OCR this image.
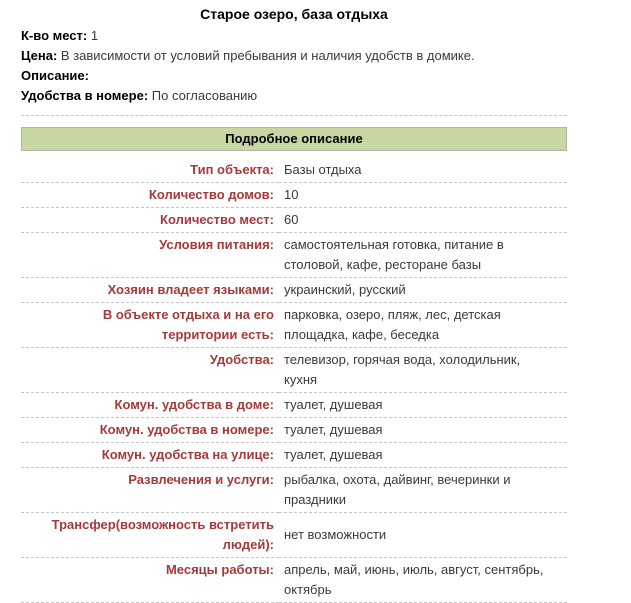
Старое озеро, база отдыха
К-во мест: 1
Цена: В зависимости от условий пребывания и наличия удобств в домике.
Описание:
Удобства в номере: По согласованию
Подробное описание
Тип объекта:	Базы отдыха
Количество домов:	10
Количество мест:	60
Условия питания:	самостоятельная готовка, питание в столовой, кафе, ресторане базы
Хозяин владеет языками:	украинский, русский
В объекте отдыха и на его территории есть:	парковка, озеро, пляж, лес, детская площадка, кафе, беседка
Удобства:	телевизор, горячая вода, холодильник, кухня
Комун. удобства в доме:	туалет, душевая
Комун. удобства в номере:	туалет, душевая
Комун. удобства на улице:	туалет, душевая
Развлечения и услуги:	рыбалка, охота, дайвинг, вечеринки и праздники
Трансфер(возможность встретить людей):	нет возможности
Месяцы работы:	апрель, май, июнь, июль, август, сентябрь, октябрь
